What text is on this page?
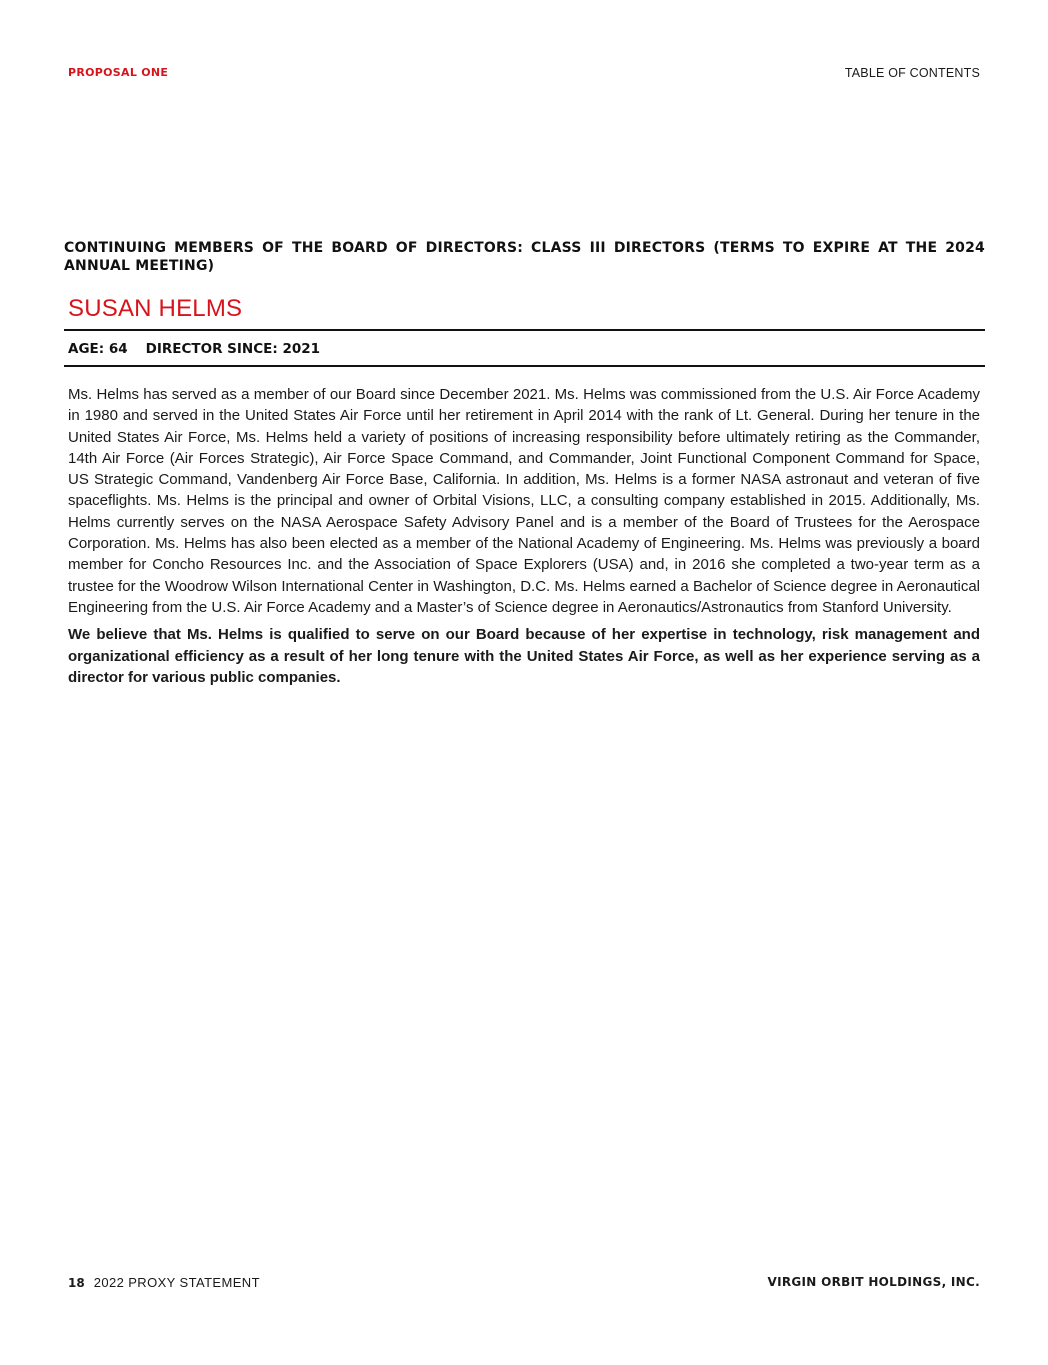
PROPOSAL ONE	TABLE OF CONTENTS
CONTINUING MEMBERS OF THE BOARD OF DIRECTORS: CLASS III DIRECTORS (TERMS TO EXPIRE AT THE 2024 ANNUAL MEETING)
SUSAN HELMS
AGE: 64 DIRECTOR SINCE: 2021

Ms. Helms has served as a member of our Board since December 2021. Ms. Helms was commissioned from the U.S. Air Force Academy in 1980 and served in the United States Air Force until her retirement in April 2014 with the rank of Lt. General. During her tenure in the United States Air Force, Ms. Helms held a variety of positions of increasing responsibility before ultimately retiring as the Commander, 14th Air Force (Air Forces Strategic), Air Force Space Command, and Commander, Joint Functional Component Command for Space, US Strategic Command, Vandenberg Air Force Base, California. In addition, Ms. Helms is a former NASA astronaut and veteran of five spaceflights. Ms. Helms is the principal and owner of Orbital Visions, LLC, a consulting company established in 2015. Additionally, Ms. Helms currently serves on the NASA Aerospace Safety Advisory Panel and is a member of the Board of Trustees for the Aerospace Corporation. Ms. Helms has also been elected as a member of the National Academy of Engineering. Ms. Helms was previously a board member for Concho Resources Inc. and the Association of Space Explorers (USA) and, in 2016 she completed a two-year term as a trustee for the Woodrow Wilson International Center in Washington, D.C. Ms. Helms earned a Bachelor of Science degree in Aeronautical Engineering from the U.S. Air Force Academy and a Master’s of Science degree in Aeronautics/Astronautics from Stanford University.

We believe that Ms. Helms is qualified to serve on our Board because of her expertise in technology, risk management and organizational efficiency as a result of her long tenure with the United States Air Force, as well as her experience serving as a director for various public companies.

18 2022 PROXY STATEMENT	VIRGIN ORBIT HOLDINGS, INC.
